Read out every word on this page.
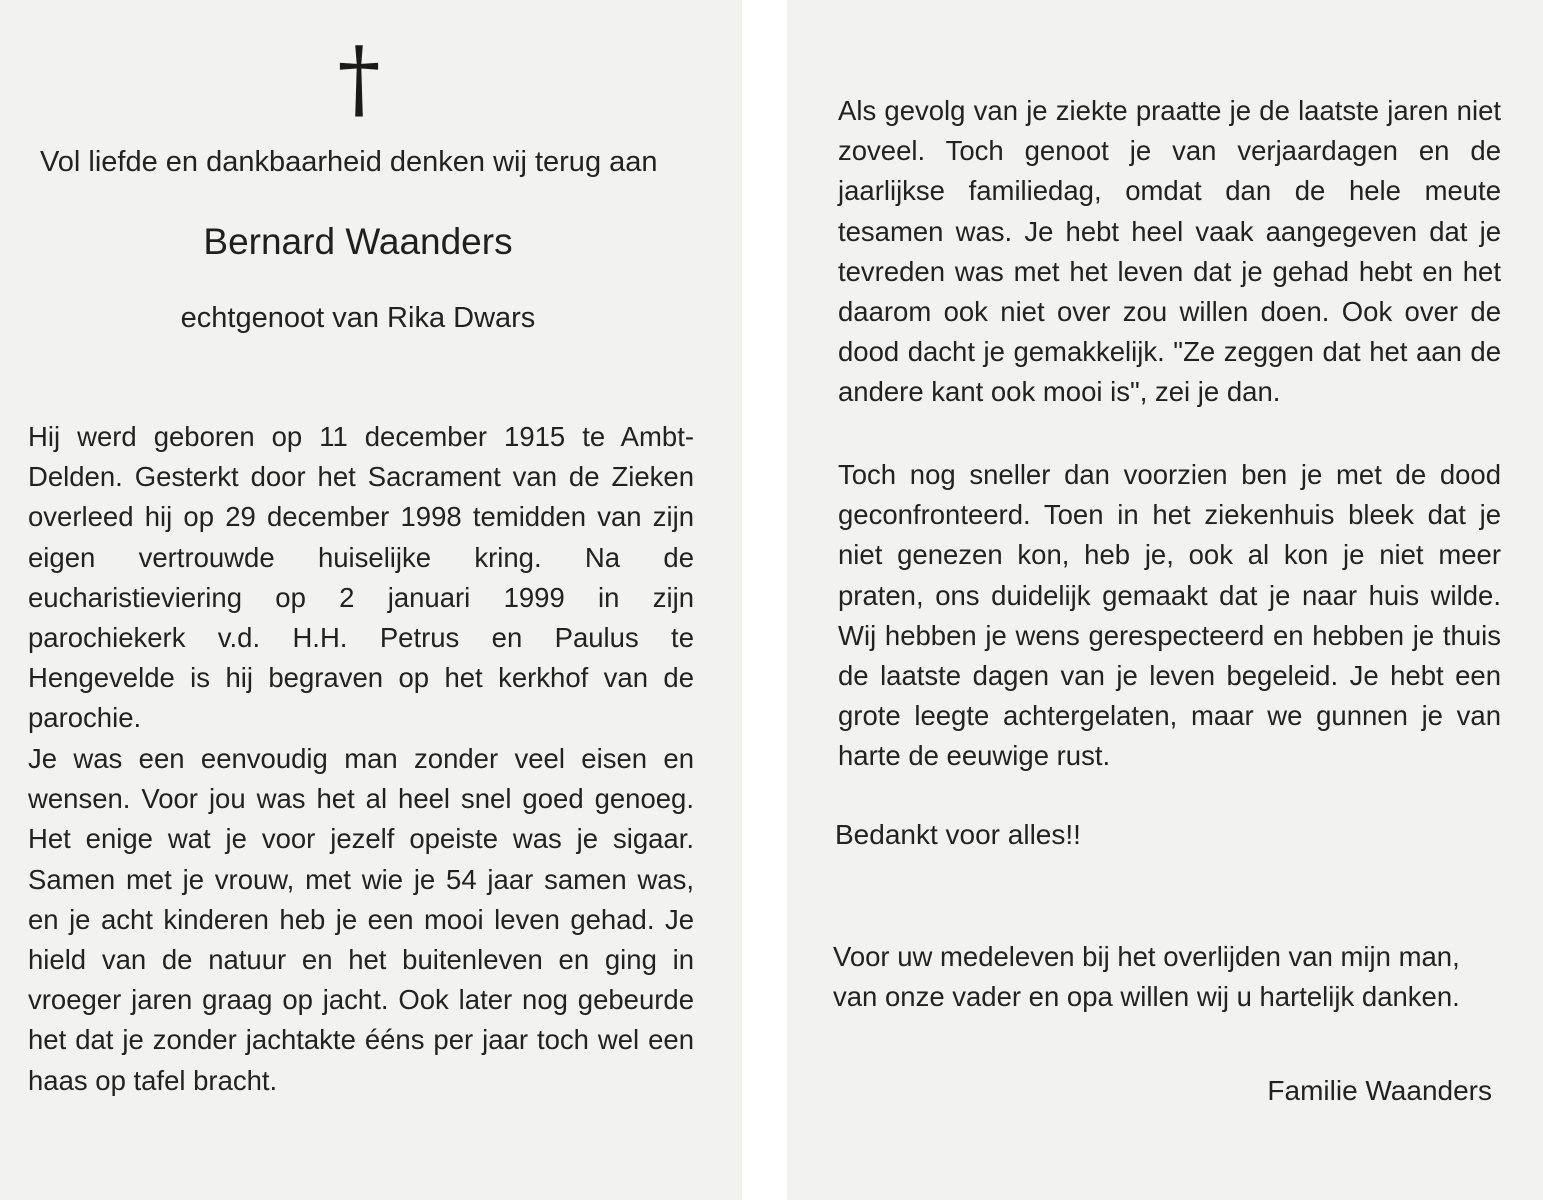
†
Vol liefde en dankbaarheid denken wij terug aan
Bernard Waanders
echtgenoot van Rika Dwars

Hij werd geboren op 11 december 1915 te Ambt-Delden. Gesterkt door het Sacrament van de Zieken overleed hij op 29 december 1998 temidden van zijn eigen vertrouwde huiselijke kring. Na de eucharistieviering op 2 januari 1999 in zijn parochiekerk v.d. H.H. Petrus en Paulus te Hengevelde is hij begraven op het kerkhof van de parochie.

Je was een eenvoudig man zonder veel eisen en wensen. Voor jou was het al heel snel goed genoeg. Het enige wat je voor jezelf opeiste was je sigaar. Samen met je vrouw, met wie je 54 jaar samen was, en je acht kinderen heb je een mooi leven gehad. Je hield van de natuur en het buitenleven en ging in vroeger jaren graag op jacht. Ook later nog gebeurde het dat je zonder jachtakte ééns per jaar toch wel een haas op tafel bracht.

Als gevolg van je ziekte praatte je de laatste jaren niet zoveel. Toch genoot je van verjaardagen en de jaarlijkse familiedag, omdat dan de hele meute tesamen was. Je hebt heel vaak aangegeven dat je tevreden was met het leven dat je gehad hebt en het daarom ook niet over zou willen doen. Ook over de dood dacht je gemakkelijk. "Ze zeggen dat het aan de andere kant ook mooi is", zei je dan.

Toch nog sneller dan voorzien ben je met de dood geconfronteerd. Toen in het ziekenhuis bleek dat je niet genezen kon, heb je, ook al kon je niet meer praten, ons duidelijk gemaakt dat je naar huis wilde. Wij hebben je wens gerespecteerd en hebben je thuis de laatste dagen van je leven begeleid. Je hebt een grote leegte achtergelaten, maar we gunnen je van harte de eeuwige rust.

Bedankt voor alles!!

Voor uw medeleven bij het overlijden van mijn man, van onze vader en opa willen wij u hartelijk danken.

Familie Waanders
